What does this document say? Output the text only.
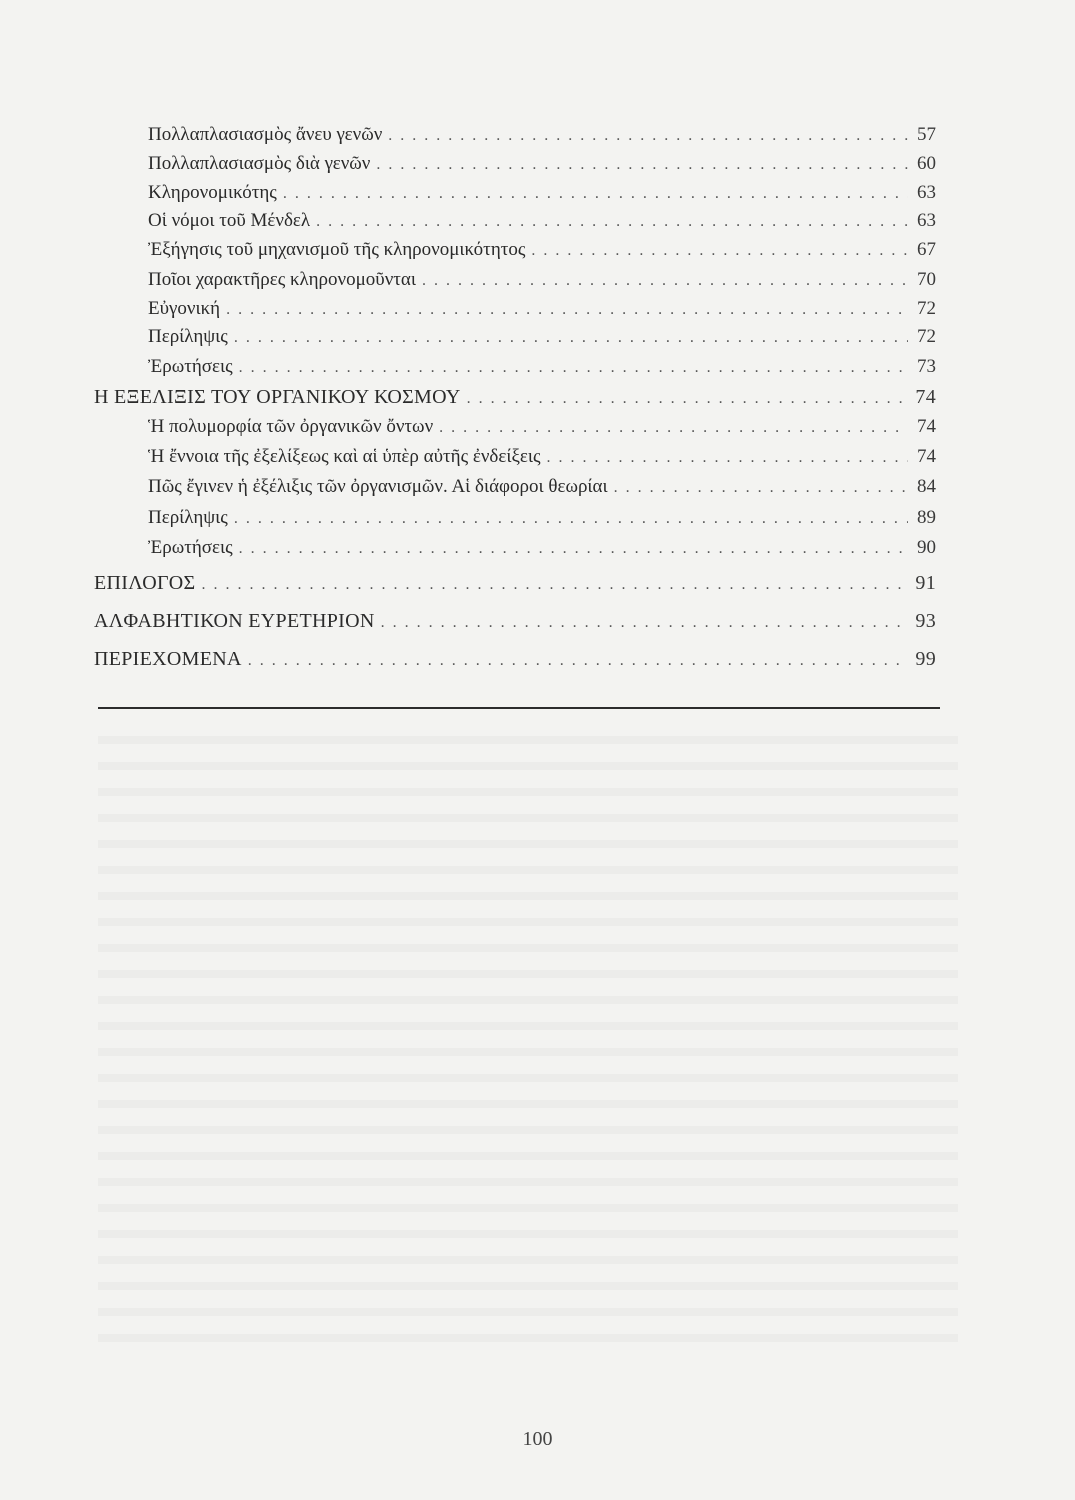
Πολλαπλασιασμὸς ἄνευ γενῶν . . .	57
Πολλαπλασιασμὸς διὰ γενῶν . . .	60
Κληρονομικότης . . .	63
Οἱ νόμοι τοῦ Μένδελ . . .	63
Ἐξήγησις τοῦ μηχανισμοῦ τῆς κληρονομικότητος . . .	67
Ποῖοι χαρακτῆρες κληρονομοῦνται . . .	70
Εὐγονική . . .	72
Περίληψις . . .	72
Ἐρωτήσεις . . .	73
Η ΕΞΕΛΙΞΙΣ ΤΟΥ ΟΡΓΑΝΙΚΟΥ ΚΟΣΜΟΥ . . .	74
Ἡ πολυμορφία τῶν ὀργανικῶν ὄντων . . .	74
Ἡ ἔννοια τῆς ἐξελίξεως καὶ αἱ ὑπὲρ αὐτῆς ἐνδείξεις . . .	74
Πῶς ἔγινεν ἡ ἐξέλιξις τῶν ὀργανισμῶν. Αἱ διάφοροι θεωρίαι . . .	84
Περίληψις . . .	89
Ἐρωτήσεις . . .	90
ΕΠΙΛΟΓΟΣ . . .	91
ΑΛΦΑΒΗΤΙΚΟΝ ΕΥΡΕΤΗΡΙΟΝ . . .	93
ΠΕΡΙΕΧΟΜΕΝΑ . . .	99
100
